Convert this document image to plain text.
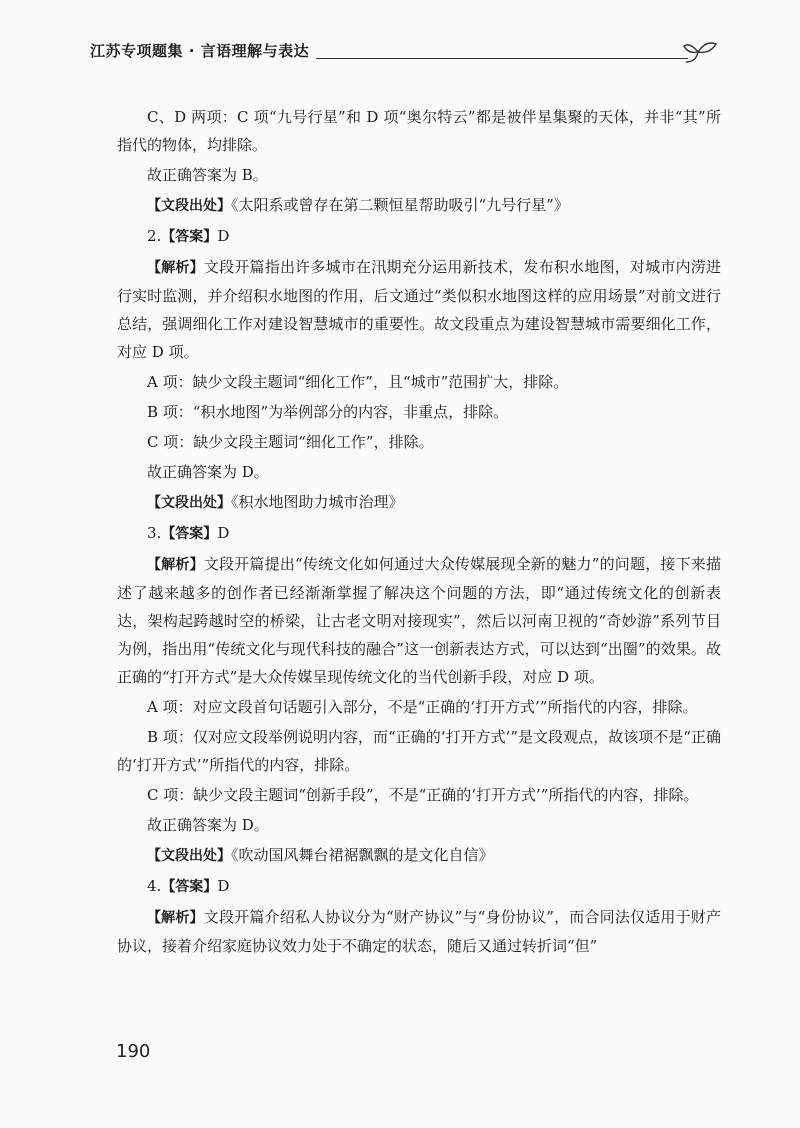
江苏专项题集 · 言语理解与表达

C、D 两项：C 项“九号行星”和 D 项“奥尔特云”都是被伴星集聚的天体，并非“其”所指代的物体，均排除。

故正确答案为 B。

【文段出处】《太阳系或曾存在第二颗恒星帮助吸引“九号行星”》

2.【答案】D

【解析】文段开篇指出许多城市在汛期充分运用新技术，发布积水地图，对城市内涝进行实时监测，并介绍积水地图的作用，后文通过“类似积水地图这样的应用场景”对前文进行总结，强调细化工作对建设智慧城市的重要性。故文段重点为建设智慧城市需要细化工作，对应 D 项。

A 项：缺少文段主题词“细化工作”，且“城市”范围扩大，排除。

B 项：“积水地图”为举例部分的内容，非重点，排除。

C 项：缺少文段主题词“细化工作”，排除。

故正确答案为 D。

【文段出处】《积水地图助力城市治理》

3.【答案】D

【解析】文段开篇提出“传统文化如何通过大众传媒展现全新的魅力”的问题，接下来描述了越来越多的创作者已经渐渐掌握了解决这个问题的方法，即“通过传统文化的创新表达，架构起跨越时空的桥梁，让古老文明对接现实”，然后以河南卫视的“奇妙游”系列节目为例，指出用“传统文化与现代科技的融合”这一创新表达方式，可以达到“出圈”的效果。故正确的“打开方式”是大众传媒呈现传统文化的当代创新手段，对应 D 项。

A 项：对应文段首句话题引入部分，不是“正确的‘打开方式’”所指代的内容，排除。

B 项：仅对应文段举例说明内容，而“正确的‘打开方式’”是文段观点，故该项不是“正确的‘打开方式’”所指代的内容，排除。

C 项：缺少文段主题词“创新手段”，不是“正确的‘打开方式’”所指代的内容，排除。

故正确答案为 D。

【文段出处】《吹动国风舞台裙裾飘飘的是文化自信》

4.【答案】D

【解析】文段开篇介绍私人协议分为“财产协议”与“身份协议”，而合同法仅适用于财产协议，接着介绍家庭协议效力处于不确定的状态，随后又通过转折词“但”

190
